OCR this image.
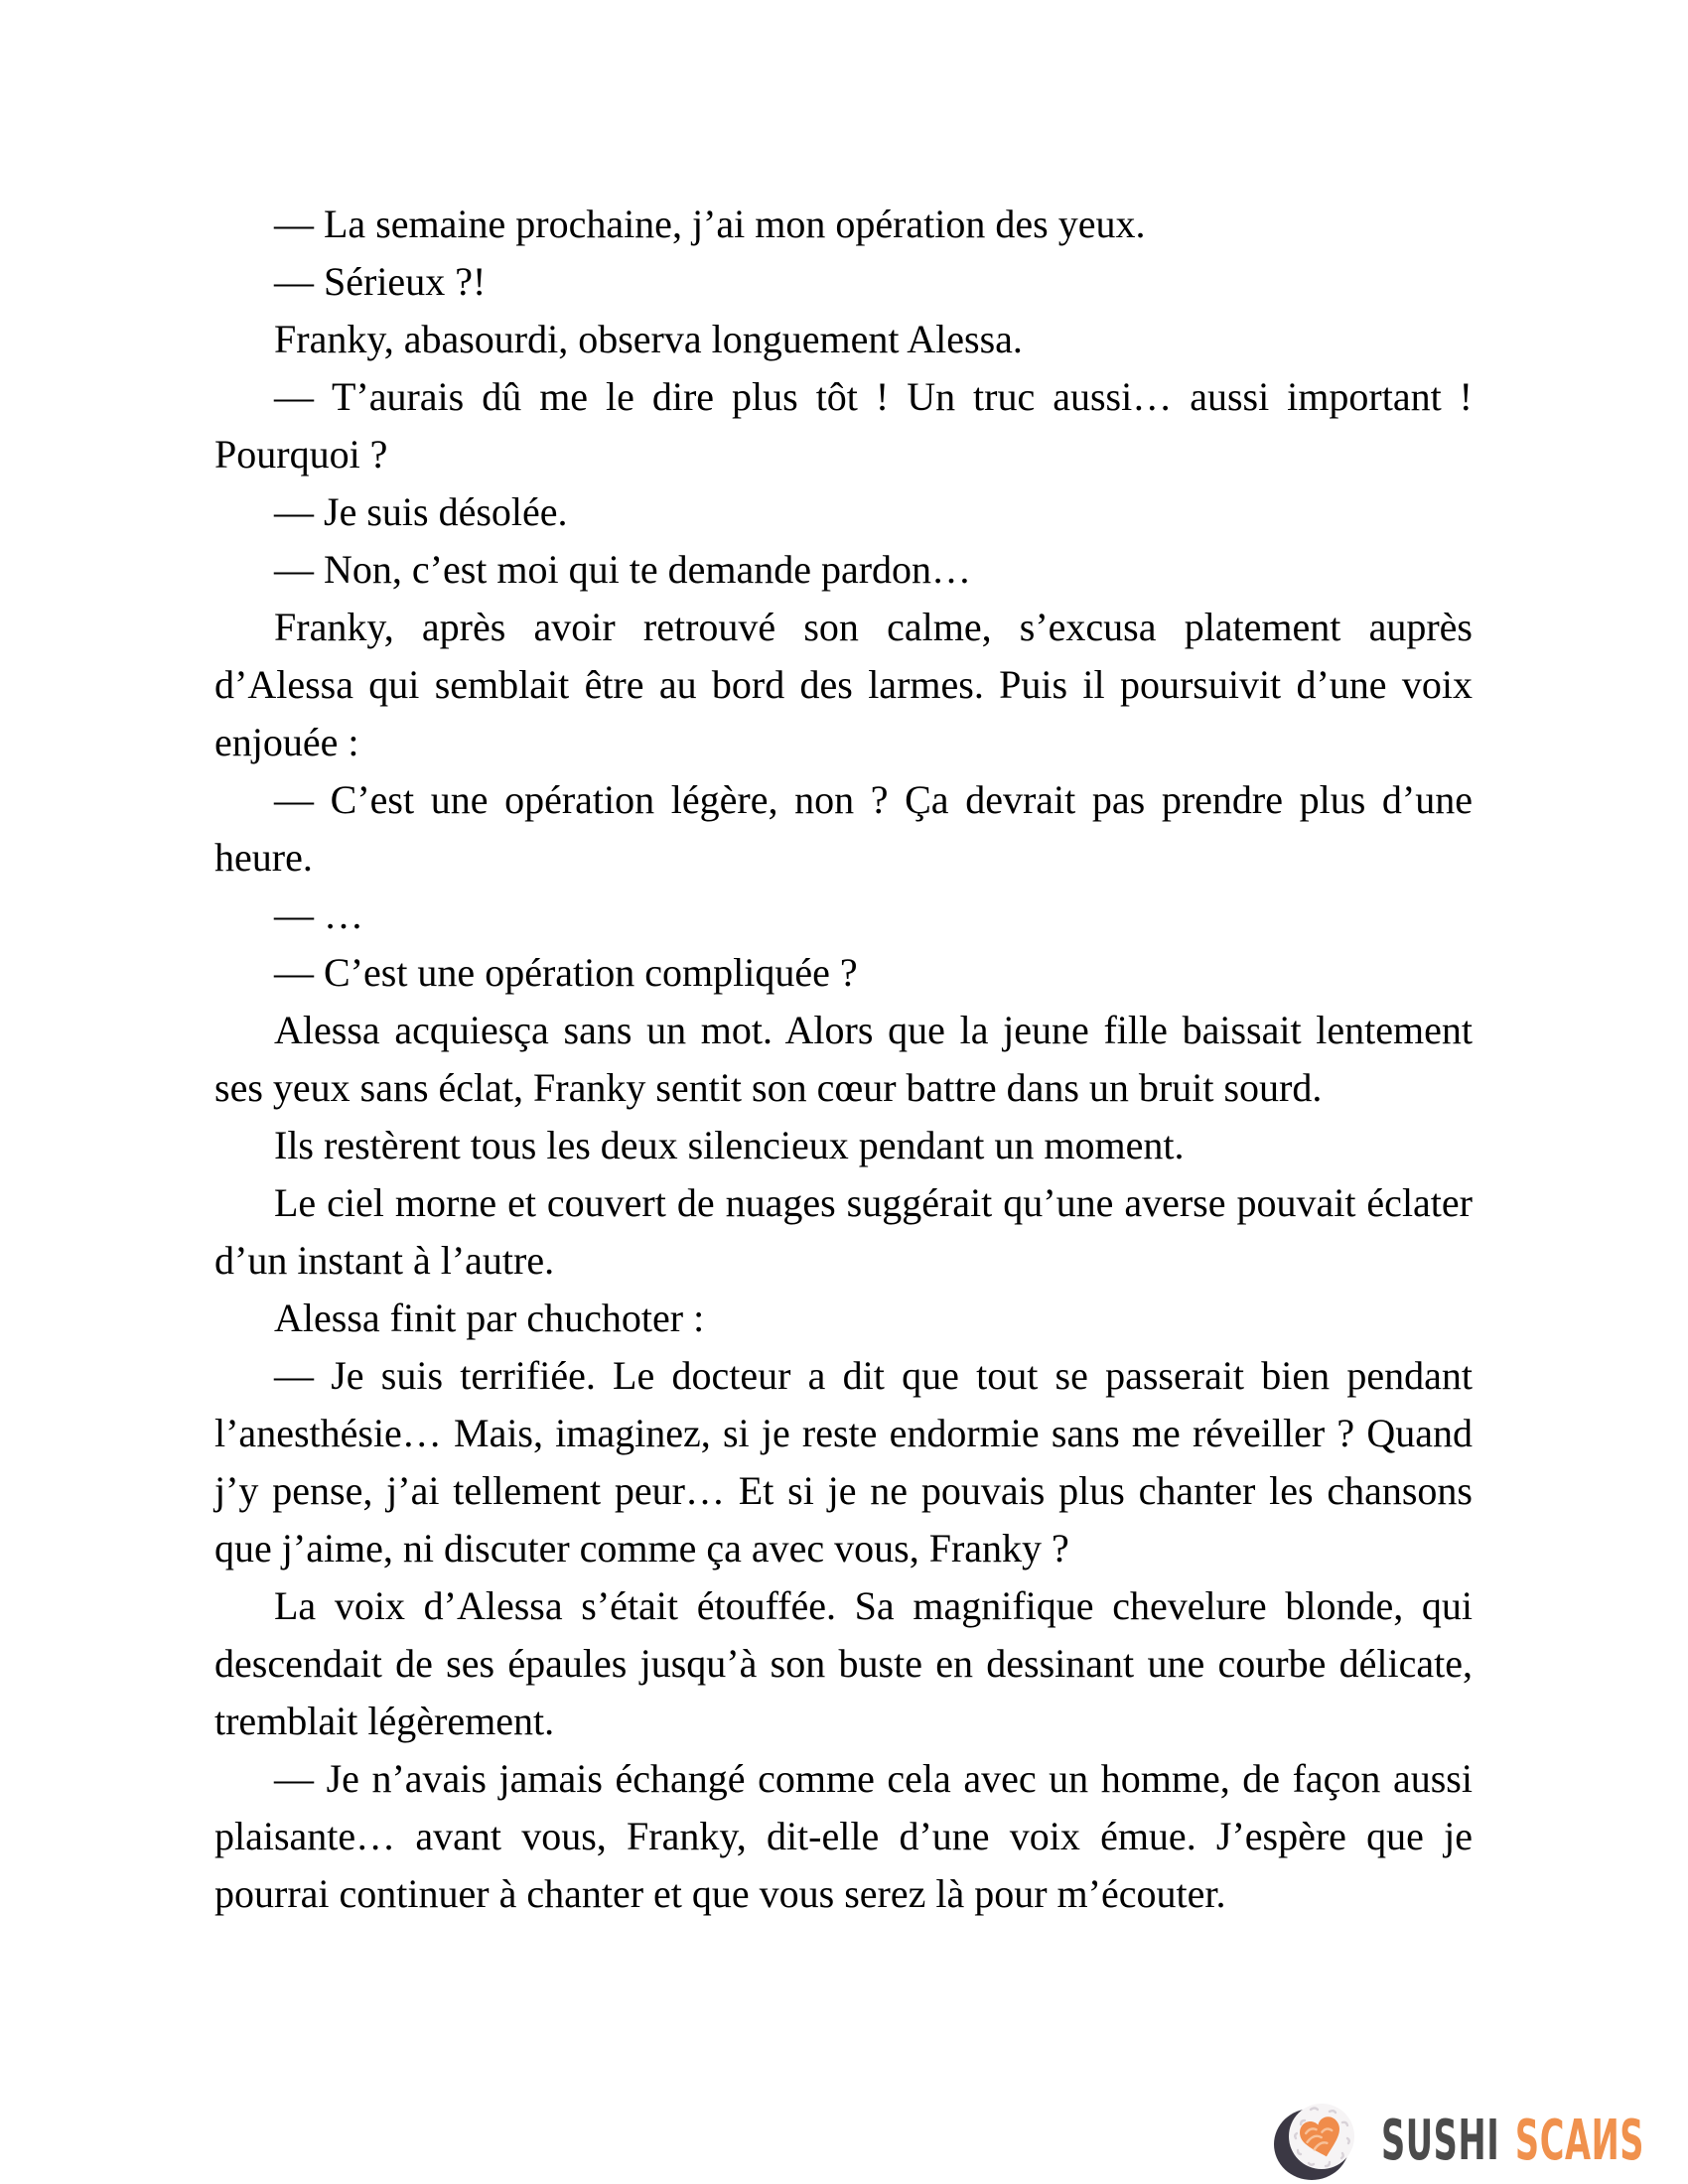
— La semaine prochaine, j’ai mon opération des yeux.

— Sérieux ?!

Franky, abasourdi, observa longuement Alessa.

— T’aurais dû me le dire plus tôt ! Un truc aussi… aussi important ! Pourquoi ?

— Je suis désolée.

— Non, c’est moi qui te demande pardon…

Franky, après avoir retrouvé son calme, s’excusa platement auprès d’Alessa qui semblait être au bord des larmes. Puis il poursuivit d’une voix enjouée :

— C’est une opération légère, non ? Ça devrait pas prendre plus d’une heure.

— …

— C’est une opération compliquée ?

Alessa acquiesça sans un mot. Alors que la jeune fille baissait lentement ses yeux sans éclat, Franky sentit son cœur battre dans un bruit sourd.

Ils restèrent tous les deux silencieux pendant un moment.

Le ciel morne et couvert de nuages suggérait qu’une averse pouvait éclater d’un instant à l’autre.

Alessa finit par chuchoter :

— Je suis terrifiée. Le docteur a dit que tout se passerait bien pendant l’anesthésie… Mais, imaginez, si je reste endormie sans me réveiller ? Quand j’y pense, j’ai tellement peur… Et si je ne pouvais plus chanter les chansons que j’aime, ni discuter comme ça avec vous, Franky ?

La voix d’Alessa s’était étouffée. Sa magnifique chevelure blonde, qui descendait de ses épaules jusqu’à son buste en dessinant une courbe délicate, tremblait légèrement.

— Je n’avais jamais échangé comme cela avec un homme, de façon aussi plaisante… avant vous, Franky, dit-elle d’une voix émue. J’espère que je pourrai continuer à chanter et que vous serez là pour m’écouter.

SUSHI SCAИS
